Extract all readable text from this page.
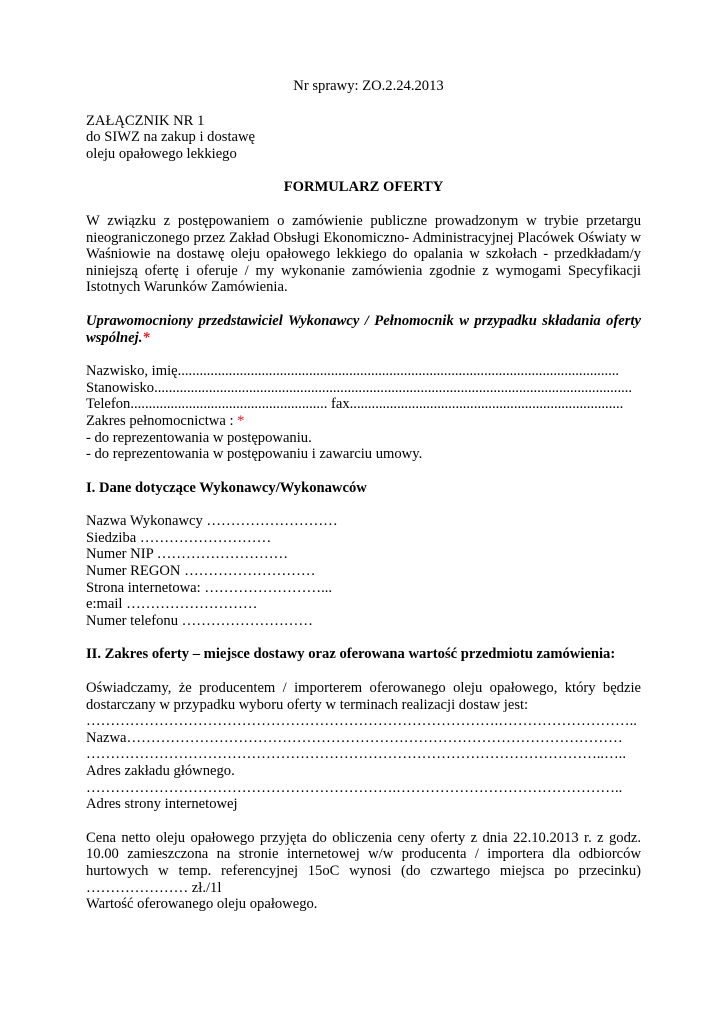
Nr sprawy: ZO.2.24.2013
ZAŁĄCZNIK NR 1
do SIWZ na zakup i dostawę
oleju opałowego lekkiego
FORMULARZ OFERTY

W związku z postępowaniem o zamówienie publiczne prowadzonym w trybie przetargu nieograniczonego przez Zakład Obsługi Ekonomiczno- Administracyjnej Placówek Oświaty w Waśniowie na dostawę oleju opałowego lekkiego do opalania w szkołach - przedkładam/y niniejszą ofertę i oferuje / my wykonanie zamówienia zgodnie z wymogami Specyfikacji Istotnych Warunków Zamówienia.

Uprawomocniony przedstawiciel Wykonawcy / Pełnomocnik w przypadku składania oferty wspólnej.*

Nazwisko, imię.........................................................................................................................
Stanowisko...................................................................................................................................
Telefon...................................................... fax...........................................................................
Zakres pełnomocnictwa : *
- do reprezentowania w postępowaniu.
- do reprezentowania w postępowaniu i zawarciu umowy.
I. Dane dotyczące Wykonawcy/Wykonawców
Nazwa Wykonawcy ………………………
Siedziba ………………………
Numer NIP ………………………
Numer REGON ………………………
Strona internetowa: ……………………...
e:mail ………………………
Numer telefonu ………………………
II. Zakres oferty – miejsce dostawy oraz oferowana wartość przedmiotu zamówienia:

Oświadczamy, że producentem / importerem oferowanego oleju opałowego, który będzie dostarczany w przypadku wyboru oferty w terminach realizacji dostaw jest:

………………………………………………………………………….………………………..
Nazwa…………………………………………………………………………………………
……………………………………………………………………………………………..…..
Adres zakładu głównego.
……………………………………………………….………………………………………..
Adres strony internetowej

Cena netto oleju opałowego przyjęta do obliczenia ceny oferty z dnia 22.10.2013 r. z godz. 10.00 zamieszczona na stronie internetowej w/w producenta / importera dla odbiorców hurtowych w temp. referencyjnej 15oC wynosi (do czwartego miejsca po przecinku) ………………… zł./1l

Wartość oferowanego oleju opałowego.
